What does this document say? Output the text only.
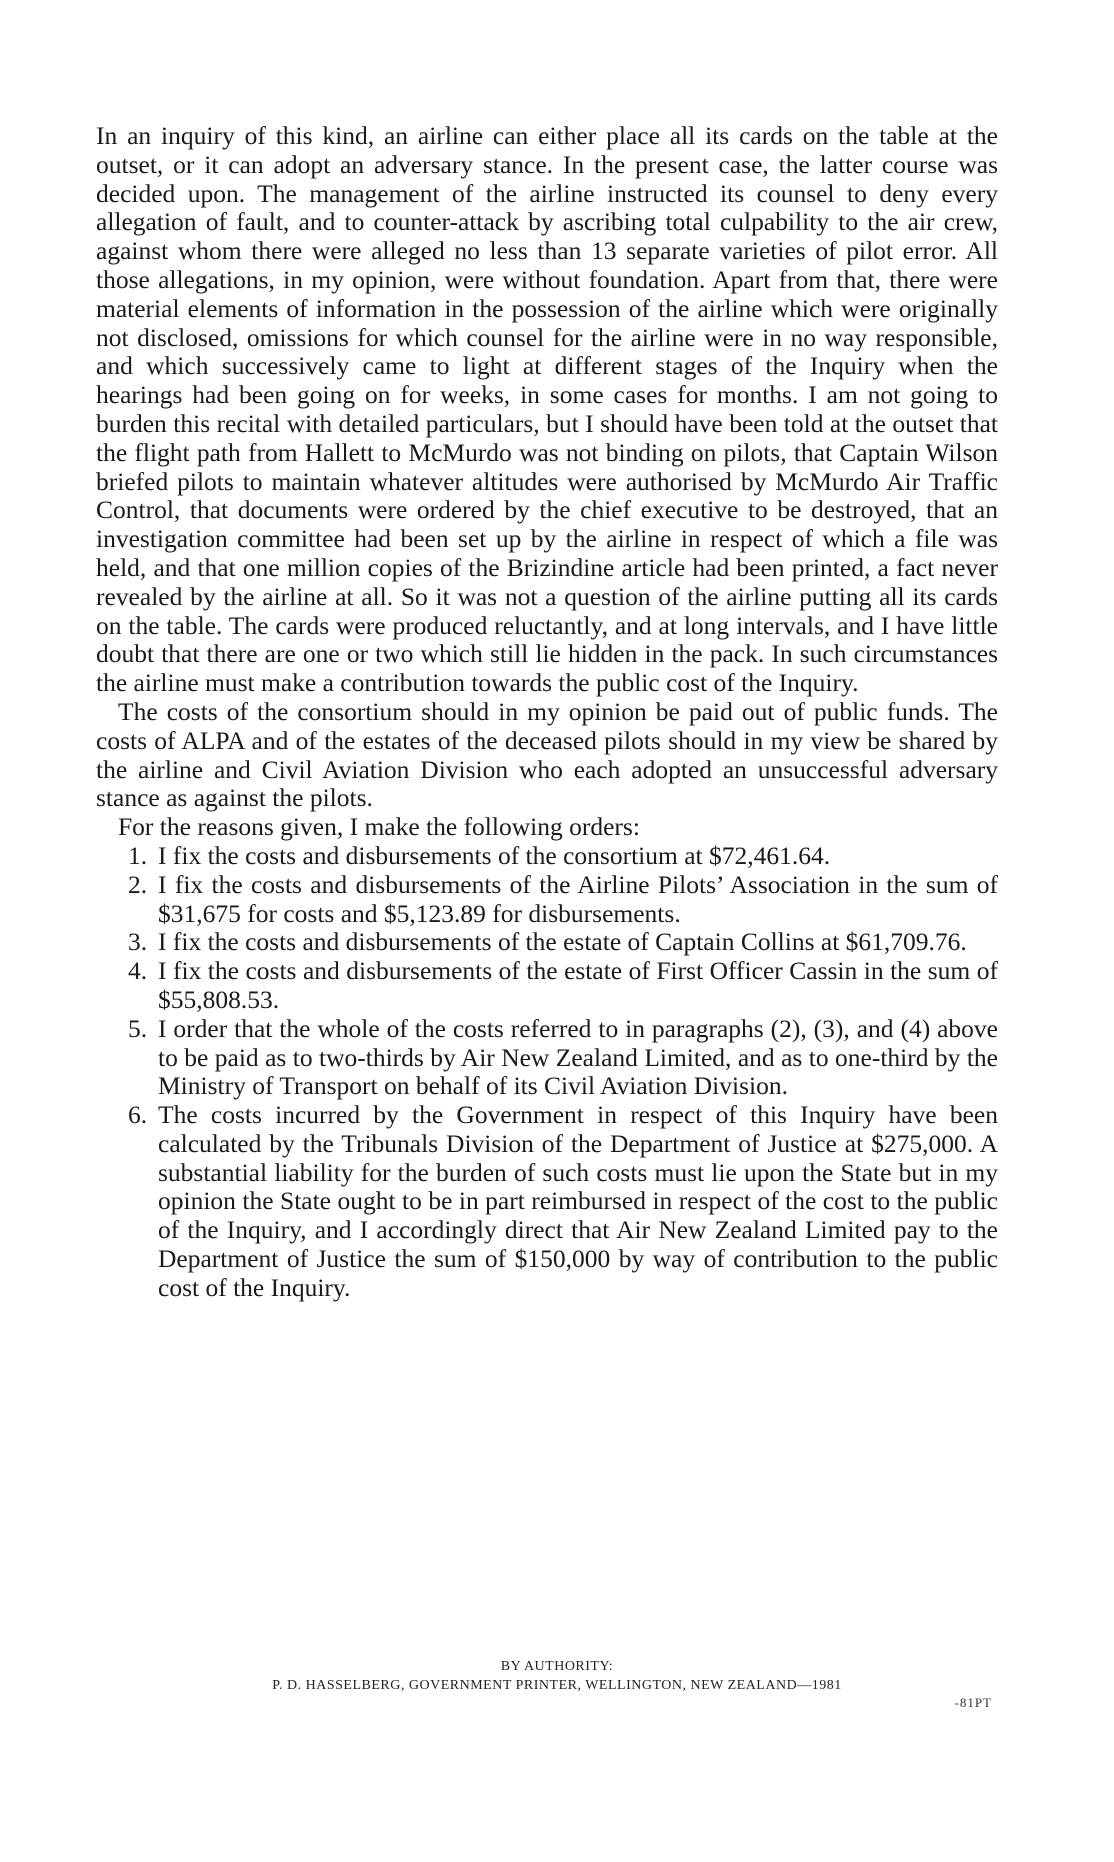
In an inquiry of this kind, an airline can either place all its cards on the table at the outset, or it can adopt an adversary stance. In the present case, the latter course was decided upon. The management of the airline instructed its counsel to deny every allegation of fault, and to counter-attack by ascribing total culpability to the air crew, against whom there were alleged no less than 13 separate varieties of pilot error. All those allegations, in my opinion, were without foundation. Apart from that, there were material elements of information in the possession of the airline which were originally not disclosed, omissions for which counsel for the airline were in no way responsible, and which successively came to light at different stages of the Inquiry when the hearings had been going on for weeks, in some cases for months. I am not going to burden this recital with detailed particulars, but I should have been told at the outset that the flight path from Hallett to McMurdo was not binding on pilots, that Captain Wilson briefed pilots to maintain whatever altitudes were authorised by McMurdo Air Traffic Control, that documents were ordered by the chief executive to be destroyed, that an investigation committee had been set up by the airline in respect of which a file was held, and that one million copies of the Brizindine article had been printed, a fact never revealed by the airline at all. So it was not a question of the airline putting all its cards on the table. The cards were produced reluctantly, and at long intervals, and I have little doubt that there are one or two which still lie hidden in the pack. In such circumstances the airline must make a contribution towards the public cost of the Inquiry.

The costs of the consortium should in my opinion be paid out of public funds. The costs of ALPA and of the estates of the deceased pilots should in my view be shared by the airline and Civil Aviation Division who each adopted an unsuccessful adversary stance as against the pilots.

For the reasons given, I make the following orders:

1. I fix the costs and disbursements of the consortium at $72,461.64.
2. I fix the costs and disbursements of the Airline Pilots’ Association in the sum of $31,675 for costs and $5,123.89 for disbursements.
3. I fix the costs and disbursements of the estate of Captain Collins at $61,709.76.
4. I fix the costs and disbursements of the estate of First Officer Cassin in the sum of $55,808.53.
5. I order that the whole of the costs referred to in paragraphs (2), (3), and (4) above to be paid as to two-thirds by Air New Zealand Limited, and as to one-third by the Ministry of Transport on behalf of its Civil Aviation Division.
6. The costs incurred by the Government in respect of this Inquiry have been calculated by the Tribunals Division of the Department of Justice at $275,000. A substantial liability for the burden of such costs must lie upon the State but in my opinion the State ought to be in part reimbursed in respect of the cost to the public of the Inquiry, and I accordingly direct that Air New Zealand Limited pay to the Department of Justice the sum of $150,000 by way of contribution to the public cost of the Inquiry.
BY AUTHORITY:
P. D. HASSELBERG, GOVERNMENT PRINTER, WELLINGTON, NEW ZEALAND—1981
-81PT
